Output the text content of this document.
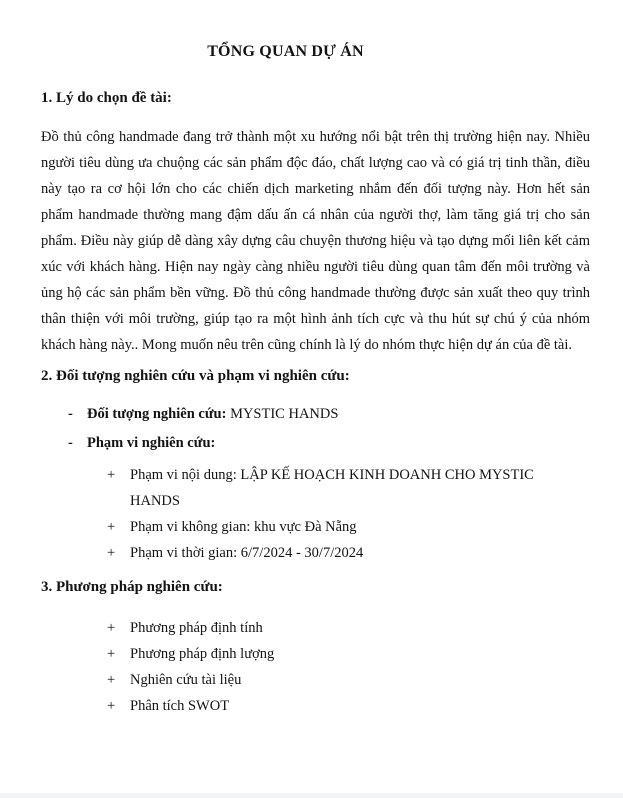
TỔNG QUAN DỰ ÁN
1. Lý do chọn đề tài:

Đồ thủ công handmade đang trở thành một xu hướng nổi bật trên thị trường hiện nay. Nhiều người tiêu dùng ưa chuộng các sản phẩm độc đáo, chất lượng cao và có giá trị tinh thần, điều này tạo ra cơ hội lớn cho các chiến dịch marketing nhắm đến đối tượng này. Hơn hết sản phẩm handmade thường mang đậm dấu ấn cá nhân của người thợ, làm tăng giá trị cho sản phẩm. Điều này giúp dễ dàng xây dựng câu chuyện thương hiệu và tạo dựng mối liên kết cảm xúc với khách hàng. Hiện nay ngày càng nhiều người tiêu dùng quan tâm đến môi trường và ủng hộ các sản phẩm bền vững. Đồ thủ công handmade thường được sản xuất theo quy trình thân thiện với môi trường, giúp tạo ra một hình ảnh tích cực và thu hút sự chú ý của nhóm khách hàng này.. Mong muốn nêu trên cũng chính là lý do nhóm thực hiện dự án của đề tài.

2. Đối tượng nghiên cứu và phạm vi nghiên cứu:
- Đối tượng nghiên cứu: MYSTIC HANDS
- Phạm vi nghiên cứu:
+	Phạm vi nội dung: LẬP KẾ HOẠCH KINH DOANH CHO MYSTIC HANDS
+	Phạm vi không gian: khu vực Đà Nẵng
+	Phạm vi thời gian: 6/7/2024 - 30/7/2024
3. Phương pháp nghiên cứu:
+	Phương pháp định tính
+	Phương pháp định lượng
+	Nghiên cứu tài liệu
+	Phân tích SWOT
